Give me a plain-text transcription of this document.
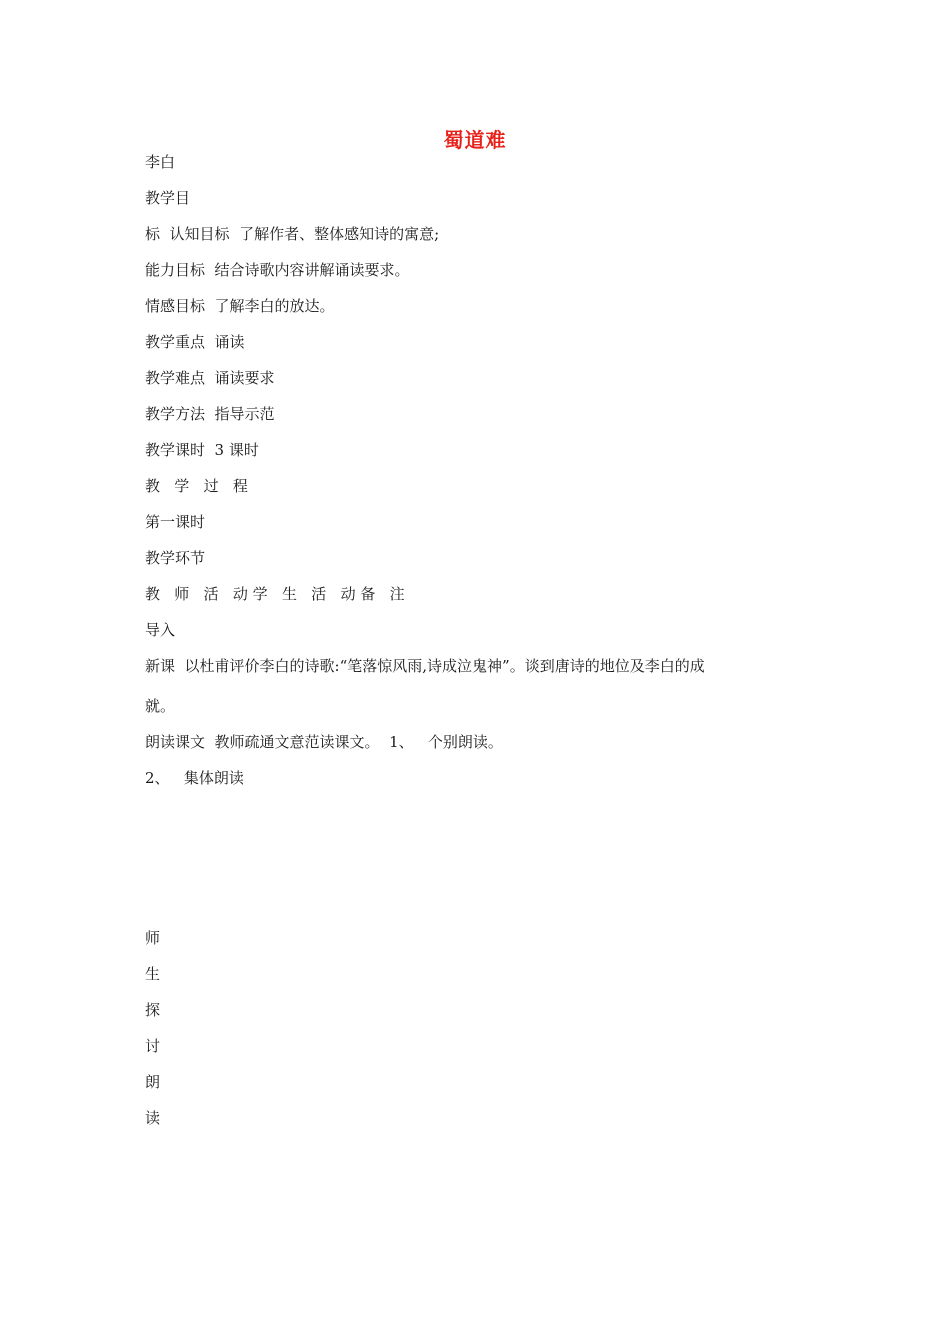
蜀道难
李白
教学目
标  认知目标  了解作者、整体感知诗的寓意;
能力目标  结合诗歌内容讲解诵读要求。
情感目标  了解李白的放达。
教学重点  诵读
教学难点  诵读要求
教学方法  指导示范
教学课时  3 课时
教   学   过   程
第一课时
教学环节
教   师   活   动 学   生   活   动 备   注
导入
新课  以杜甫评价李白的诗歌:“笔落惊风雨,诗成泣鬼神”。谈到唐诗的地位及李白的成
就。
朗读课文  教师疏通文意范读课文。  1、   个别朗读。
2、   集体朗读
师
生
探
讨
朗
读
